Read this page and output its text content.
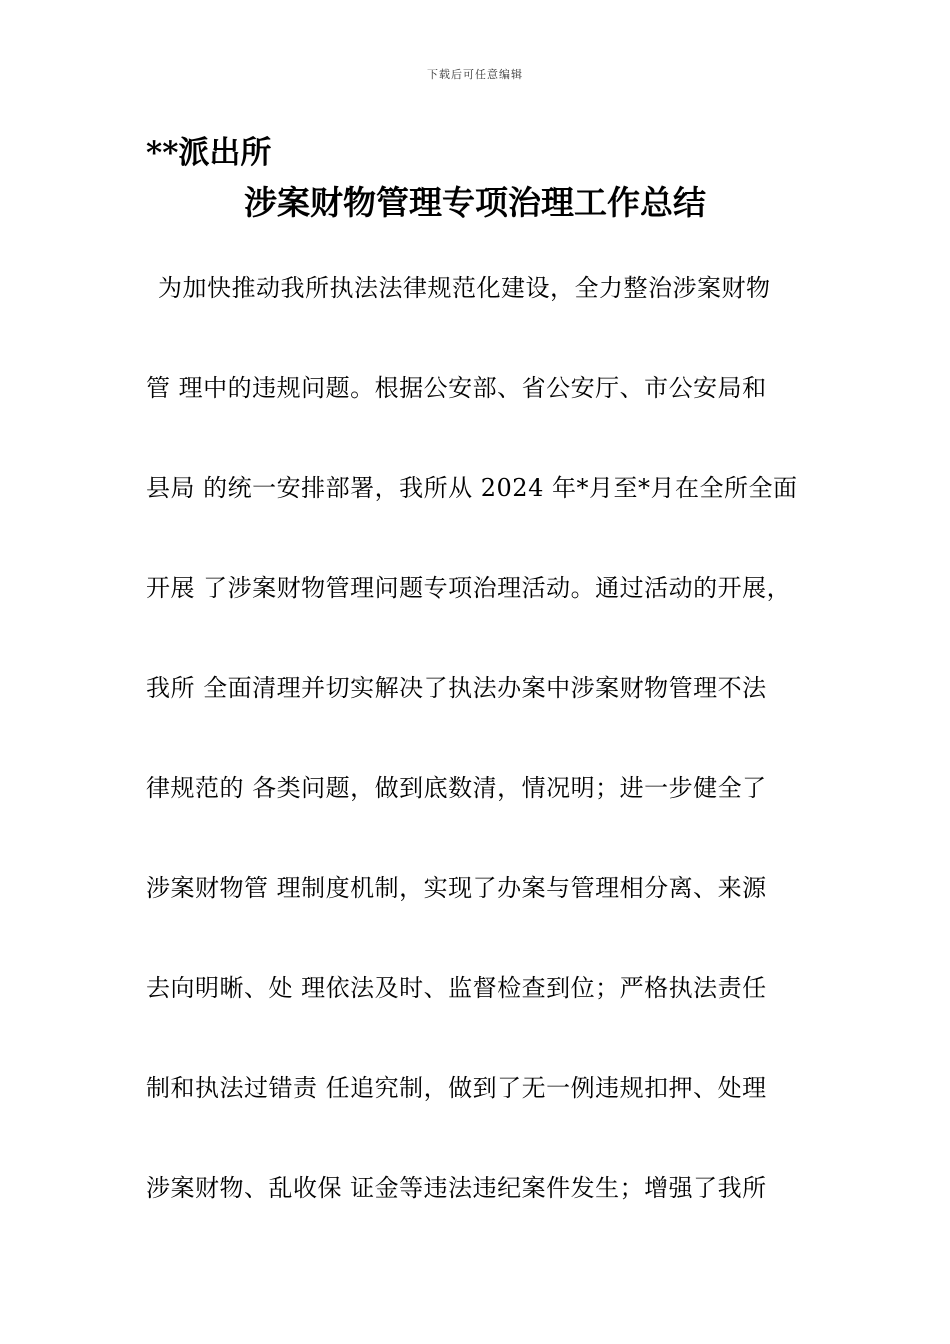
下载后可任意编辑
**派出所
涉案财物管理专项治理工作总结
为加快推动我所执法法律规范化建设，全力整治涉案财物
管 理中的违规问题。根据公安部、省公安厅、市公安局和
县局 的统一安排部署，我所从 2024 年*月至*月在全所全面
开展 了涉案财物管理问题专项治理活动。通过活动的开展，
我所 全面清理并切实解决了执法办案中涉案财物管理不法
律规范的 各类问题，做到底数清，情况明；进一步健全了
涉案财物管 理制度机制，实现了办案与管理相分离、来源
去向明晰、处 理依法及时、监督检查到位；严格执法责任
制和执法过错责 任追究制，做到了无一例违规扣押、处理
涉案财物、乱收保 证金等违法违纪案件发生；增强了我所
